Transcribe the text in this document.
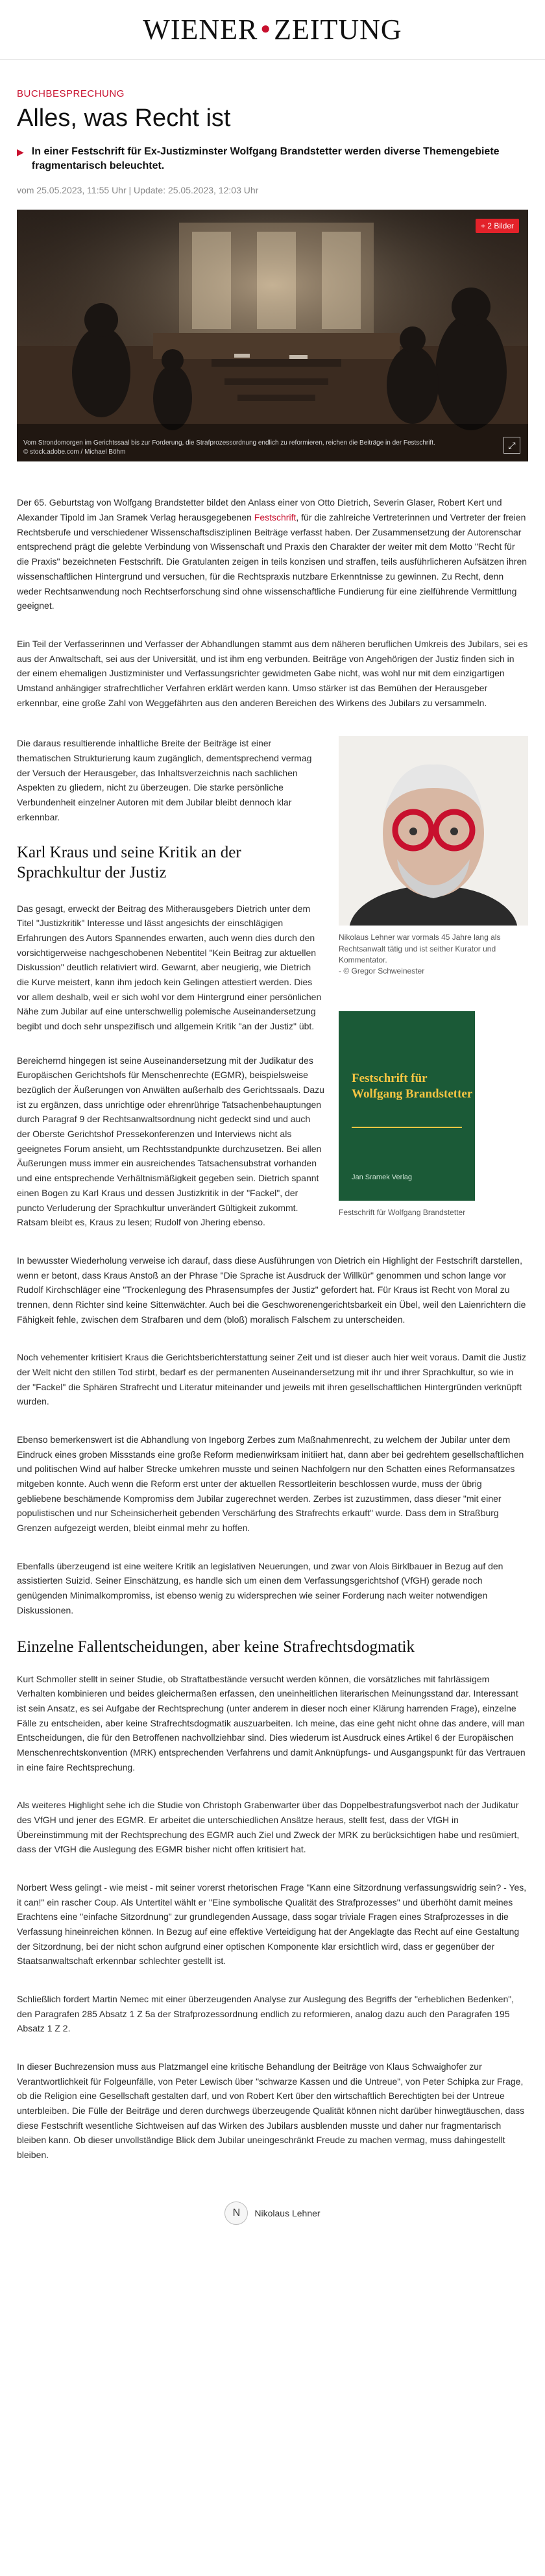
WIENER ● ZEITUNG
BUCHBESPRECHUNG
Alles, was Recht ist
▶ In einer Festschrift für Ex-Justizminster Wolfgang Brandstetter werden diverse Themengebiete fragmentarisch beleuchtet.
vom 25.05.2023, 11:55 Uhr | Update: 25.05.2023, 12:03 Uhr
+ 2 Bilder
⤢
Vom Strondomorgen im Gerichtssaal bis zur Forderung, die Strafprozessordnung endlich zu reformieren, reichen die Beiträge in der Festschrift.
© stock.adobe.com / Michael Böhm

Der 65. Geburtstag von Wolfgang Brandstetter bildet den Anlass einer von Otto Dietrich, Severin Glaser, Robert Kert und Alexander Tipold im Jan Sramek Verlag herausgegebenen Festschrift, für die zahlreiche Vertreterinnen und Vertreter der freien Rechtsberufe und verschiedener Wissenschaftsdisziplinen Beiträge verfasst haben. Der Zusammensetzung der Autorenschar entsprechend prägt die gelebte Verbindung von Wissenschaft und Praxis den Charakter der weiter mit dem Motto "Recht für die Praxis" bezeichneten Festschrift. Die Gratulanten zeigen in teils konzisen und straffen, teils ausführlicheren Aufsätzen ihren wissenschaftlichen Hintergrund und versuchen, für die Rechtspraxis nutzbare Erkenntnisse zu gewinnen. Zu Recht, denn weder Rechtsanwendung noch Rechtserforschung sind ohne wissenschaftliche Fundierung für eine zielführende Vermittlung geeignet.

Ein Teil der Verfasserinnen und Verfasser der Abhandlungen stammt aus dem näheren beruflichen Umkreis des Jubilars, sei es aus der Anwaltschaft, sei aus der Universität, und ist ihm eng verbunden. Beiträge von Angehörigen der Justiz finden sich in der einem ehemaligen Justizminister und Verfassungsrichter gewidmeten Gabe nicht, was wohl nur mit dem einzigartigen Umstand anhängiger strafrechtlicher Verfahren erklärt werden kann. Umso stärker ist das Bemühen der Herausgeber erkennbar, eine große Zahl von Weggefährten aus den anderen Bereichen des Wirkens des Jubilars zu versammeln.

Die daraus resultierende inhaltliche Breite der Beiträge ist einer thematischen Strukturierung kaum zugänglich, dementsprechend vermag der Versuch der Herausgeber, das Inhaltsverzeichnis nach sachlichen Aspekten zu gliedern, nicht zu überzeugen. Die starke persönliche Verbundenheit einzelner Autoren mit dem Jubilar bleibt dennoch klar erkennbar.

Karl Kraus und seine Kritik an der Sprachkultur der Justiz

Das gesagt, erweckt der Beitrag des Mitherausgebers Dietrich unter dem Titel "Justizkritik" Interesse und lässt angesichts der einschlägigen Erfahrungen des Autors Spannendes erwarten, auch wenn dies durch den vorsichtigerweise nachgeschobenen Nebentitel "Kein Beitrag zur aktuellen Diskussion" deutlich relativiert wird. Gewarnt, aber neugierig, wie Dietrich die Kurve meistert, kann ihm jedoch kein Gelingen attestiert werden. Dies vor allem deshalb, weil er sich wohl vor dem Hintergrund einer persönlichen Nähe zum Jubilar auf eine unterschwellig polemische Auseinandersetzung begibt und doch sehr unspezifisch und allgemein Kritik "an der Justiz" übt.

Bereichernd hingegen ist seine Auseinandersetzung mit der Judikatur des Europäischen Gerichtshofs für Menschenrechte (EGMR), beispielsweise bezüglich der Äußerungen von Anwälten außerhalb des Gerichtssaals. Dazu ist zu ergänzen, dass unrichtige oder ehrenrührige Tatsachenbehauptungen durch Paragraf 9 der Rechtsanwaltsordnung nicht gedeckt sind und auch der Oberste Gerichtshof Pressekonferenzen und Interviews nicht als geeignetes Forum ansieht, um Rechtsstandpunkte durchzusetzen. Bei allen Äußerungen muss immer ein ausreichendes Tatsachensubstrat vorhanden und eine entsprechende Verhältnismäßigkeit gegeben sein. Dietrich spannt einen Bogen zu Karl Kraus und dessen Justizkritik in der "Fackel", der puncto Verluderung der Sprachkultur unverändert Gültigkeit zukommt. Ratsam bleibt es, Kraus zu lesen; Rudolf von Jhering ebenso.

Nikolaus Lehner war vormals 45 Jahre lang als Rechtsanwalt tätig und ist seither Kurator und Kommentator.
- © Gregor Schweinester
Festschrift für Wolfgang Brandstetter
Jan Sramek Verlag
Festschrift für Wolfgang Brandstetter

In bewusster Wiederholung verweise ich darauf, dass diese Ausführungen von Dietrich ein Highlight der Festschrift darstellen, wenn er betont, dass Kraus Anstoß an der Phrase "Die Sprache ist Ausdruck der Willkür" genommen und schon lange vor Rudolf Kirchschläger eine "Trockenlegung des Phrasensumpfes der Justiz" gefordert hat. Für Kraus ist Recht von Moral zu trennen, denn Richter sind keine Sittenwächter. Auch bei die Geschworenengerichtsbarkeit ein Übel, weil den Laienrichtern die Fähigkeit fehle, zwischen dem Strafbaren und dem (bloß) moralisch Falschem zu unterscheiden.

Noch vehementer kritisiert Kraus die Gerichtsberichterstattung seiner Zeit und ist dieser auch hier weit voraus. Damit die Justiz der Welt nicht den stillen Tod stirbt, bedarf es der permanenten Auseinandersetzung mit ihr und ihrer Sprachkultur, so wie in der "Fackel" die Sphären Strafrecht und Literatur miteinander und jeweils mit ihren gesellschaftlichen Hintergründen verknüpft wurden.

Ebenso bemerkenswert ist die Abhandlung von Ingeborg Zerbes zum Maßnahmenrecht, zu welchem der Jubilar unter dem Eindruck eines groben Missstands eine große Reform medienwirksam initiiert hat, dann aber bei gedrehtem gesellschaftlichen und politischen Wind auf halber Strecke umkehren musste und seinen Nachfolgern nur den Schatten eines Reformansatzes mitgeben konnte. Auch wenn die Reform erst unter der aktuellen Ressortleiterin beschlossen wurde, muss der übrig gebliebene beschämende Kompromiss dem Jubilar zugerechnet werden. Zerbes ist zuzustimmen, dass dieser "mit einer populistischen und nur Scheinsicherheit gebenden Verschärfung des Strafrechts erkauft" wurde. Dass dem in Straßburg Grenzen aufgezeigt werden, bleibt einmal mehr zu hoffen.

Ebenfalls überzeugend ist eine weitere Kritik an legislativen Neuerungen, und zwar von Alois Birklbauer in Bezug auf den assistierten Suizid. Seiner Einschätzung, es handle sich um einen dem Verfassungsgerichtshof (VfGH) gerade noch genügenden Minimalkompromiss, ist ebenso wenig zu widersprechen wie seiner Forderung nach weiter notwendigen Diskussionen.

Einzelne Fallentscheidungen, aber keine Strafrechtsdogmatik

Kurt Schmoller stellt in seiner Studie, ob Straftatbestände versucht werden können, die vorsätzliches mit fahrlässigem Verhalten kombinieren und beides gleichermaßen erfassen, den uneinheitlichen literarischen Meinungsstand dar. Interessant ist sein Ansatz, es sei Aufgabe der Rechtsprechung (unter anderem in dieser noch einer Klärung harrenden Frage), einzelne Fälle zu entscheiden, aber keine Strafrechtsdogmatik auszuarbeiten. Ich meine, das eine geht nicht ohne das andere, will man Entscheidungen, die für den Betroffenen nachvollziehbar sind. Dies wiederum ist Ausdruck eines Artikel 6 der Europäischen Menschenrechtskonvention (MRK) entsprechenden Verfahrens und damit Anknüpfungs- und Ausgangspunkt für das Vertrauen in eine faire Rechtsprechung.

Als weiteres Highlight sehe ich die Studie von Christoph Grabenwarter über das Doppelbestrafungsverbot nach der Judikatur des VfGH und jener des EGMR. Er arbeitet die unterschiedlichen Ansätze heraus, stellt fest, dass der VfGH in Übereinstimmung mit der Rechtsprechung des EGMR auch Ziel und Zweck der MRK zu berücksichtigen habe und resümiert, dass der VfGH die Auslegung des EGMR bisher nicht offen kritisiert hat.

Norbert Wess gelingt - wie meist - mit seiner vorerst rhetorischen Frage "Kann eine Sitzordnung verfassungswidrig sein? - Yes, it can!" ein rascher Coup. Als Untertitel wählt er "Eine symbolische Qualität des Strafprozesses" und überhöht damit meines Erachtens eine "einfache Sitzordnung" zur grundlegenden Aussage, dass sogar triviale Fragen eines Strafprozesses in die Verfassung hineinreichen können. In Bezug auf eine effektive Verteidigung hat der Angeklagte das Recht auf eine Gestaltung der Sitzordnung, bei der nicht schon aufgrund einer optischen Komponente klar ersichtlich wird, dass er gegenüber der Staatsanwaltschaft erkennbar schlechter gestellt ist.

Schließlich fordert Martin Nemec mit einer überzeugenden Analyse zur Auslegung des Begriffs der "erheblichen Bedenken", den Paragrafen 285 Absatz 1 Z 5a der Strafprozessordnung endlich zu reformieren, analog dazu auch den Paragrafen 195 Absatz 1 Z 2.

In dieser Buchrezension muss aus Platzmangel eine kritische Behandlung der Beiträge von Klaus Schwaighofer zur Verantwortlichkeit für Folgeunfälle, von Peter Lewisch über "schwarze Kassen und die Untreue", von Peter Schipka zur Frage, ob die Religion eine Gesellschaft gestalten darf, und von Robert Kert über den wirtschaftlich Berechtigten bei der Untreue unterbleiben. Die Fülle der Beiträge und deren durchwegs überzeugende Qualität können nicht darüber hinwegtäuschen, dass diese Festschrift wesentliche Sichtweisen auf das Wirken des Jubilars ausblenden musste und daher nur fragmentarisch bleiben kann. Ob dieser unvollständige Blick dem Jubilar uneingeschränkt Freude zu machen vermag, muss dahingestellt bleiben.

N	Nikolaus Lehner
